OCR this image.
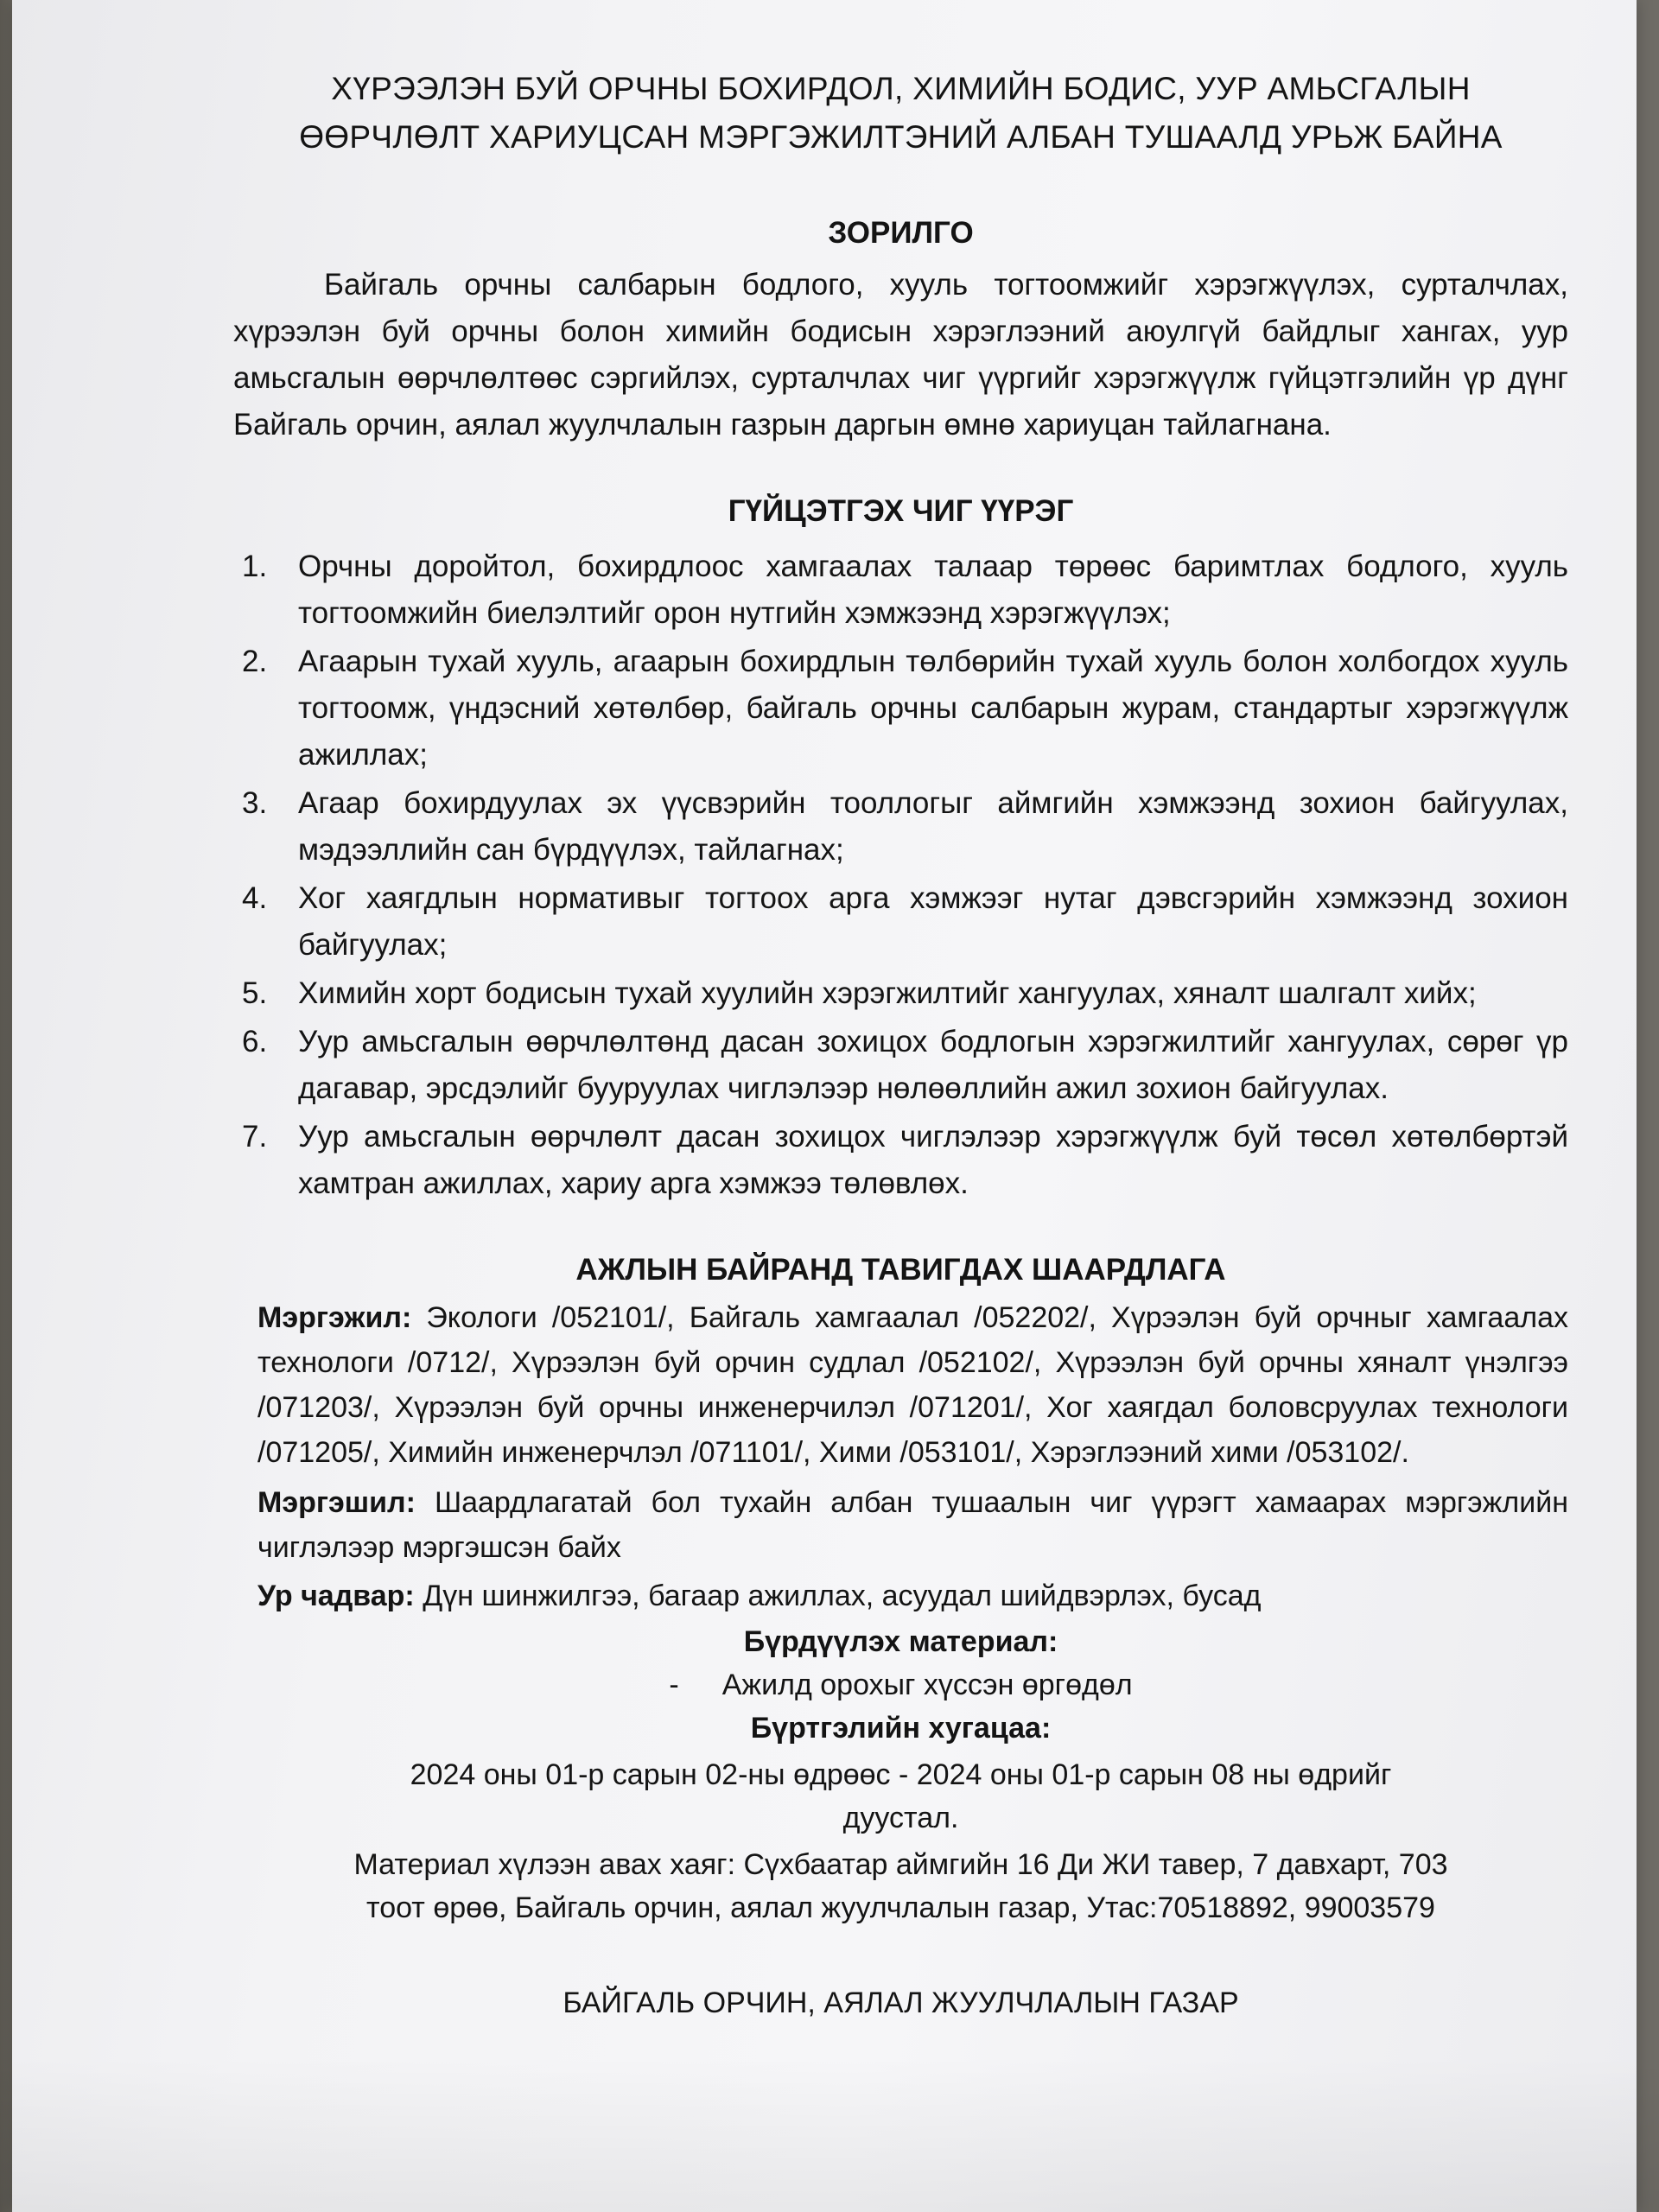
ХҮРЭЭЛЭН БУЙ ОРЧНЫ БОХИРДОЛ, ХИМИЙН БОДИС, УУР АМЬСГАЛЫН
ӨӨРЧЛӨЛТ ХАРИУЦСАН МЭРГЭЖИЛТЭНИЙ АЛБАН ТУШААЛД УРЬЖ БАЙНА
ЗОРИЛГО

Байгаль орчны салбарын бодлого, хууль тогтоомжийг хэрэгжүүлэх, сурталчлах, хүрээлэн буй орчны болон химийн бодисын хэрэглээний аюулгүй байдлыг хангах, уур амьсгалын өөрчлөлтөөс сэргийлэх, сурталчлах чиг үүргийг хэрэгжүүлж гүйцэтгэлийн үр дүнг Байгаль орчин, аялал жуулчлалын газрын даргын өмнө хариуцан тайлагнана.

ГҮЙЦЭТГЭХ ЧИГ ҮҮРЭГ
1. Орчны доройтол, бохирдлоос хамгаалах талаар төрөөс баримтлах бодлого, хууль тогтоомжийн биелэлтийг орон нутгийн хэмжээнд хэрэгжүүлэх;
2. Агаарын тухай хууль, агаарын бохирдлын төлбөрийн тухай хууль болон холбогдох хууль тогтоомж, үндэсний хөтөлбөр, байгаль орчны салбарын журам, стандартыг хэрэгжүүлж ажиллах;
3. Агаар бохирдуулах эх үүсвэрийн тооллогыг аймгийн хэмжээнд зохион байгуулах, мэдээллийн сан бүрдүүлэх, тайлагнах;
4. Хог хаягдлын нормативыг тогтоох арга хэмжээг нутаг дэвсгэрийн хэмжээнд зохион байгуулах;
5. Химийн хорт бодисын тухай хуулийн хэрэгжилтийг хангуулах, хяналт шалгалт хийх;
6. Уур амьсгалын өөрчлөлтөнд дасан зохицох бодлогын хэрэгжилтийг хангуулах, сөрөг үр дагавар, эрсдэлийг бууруулах чиглэлээр нөлөөллийн ажил зохион байгуулах.
7. Уур амьсгалын өөрчлөлт дасан зохицох чиглэлээр хэрэгжүүлж буй төсөл хөтөлбөртэй хамтран ажиллах, хариу арга хэмжээ төлөвлөх.
АЖЛЫН БАЙРАНД ТАВИГДАХ ШААРДЛАГА

Мэргэжил: Экологи /052101/, Байгаль хамгаалал /052202/, Хүрээлэн буй орчныг хамгаалах технологи /0712/, Хүрээлэн буй орчин судлал /052102/, Хүрээлэн буй орчны хяналт үнэлгээ /071203/, Хүрээлэн буй орчны инженерчилэл /071201/, Хог хаягдал боловсруулах технологи /071205/, Химийн инженерчлэл /071101/, Хими /053101/, Хэрэглээний хими /053102/.

Мэргэшил: Шаардлагатай бол тухайн албан тушаалын чиг үүрэгт хамаарах мэргэжлийн чиглэлээр мэргэшсэн байх

Ур чадвар: Дүн шинжилгээ, багаар ажиллах, асуудал шийдвэрлэх, бусад

Бүрдүүлэх материал:

- Ажилд орохыг хүссэн өргөдөл

Бүртгэлийн хугацаа:

2024 оны 01-р сарын 02-ны өдрөөс - 2024 оны 01-р сарын 08 ны өдрийг

дуустал.

Материал хүлээн авах хаяг: Сүхбаатар аймгийн 16 Ди ЖИ тавер, 7 давхарт, 703

тоот өрөө, Байгаль орчин, аялал жуулчлалын газар, Утас:70518892, 99003579

БАЙГАЛЬ ОРЧИН, АЯЛАЛ ЖУУЛЧЛАЛЫН ГАЗАР
